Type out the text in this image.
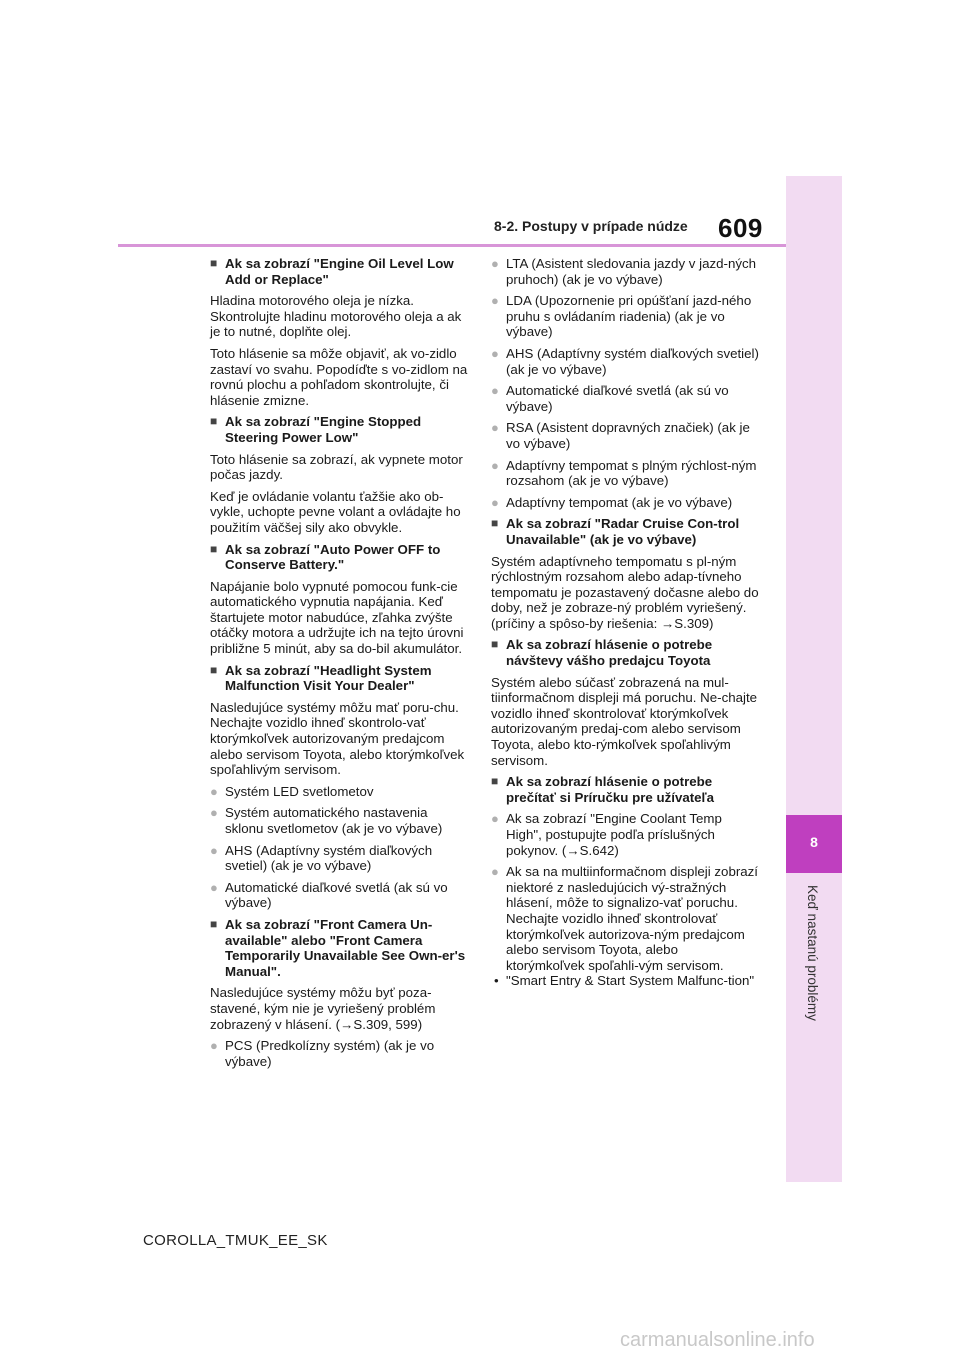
8
Keď nastanú problémy
8-2. Postupy v prípade núdze 609
■ Ak sa zobrazí "Engine Oil Level Low Add or Replace"
Hladina motorového oleja je nízka. Skontrolujte hladinu motorového oleja a ak je to nutné, doplňte olej.
Toto hlásenie sa môže objaviť, ak vo-zidlo zastaví vo svahu. Popodíďte s vo-zidlom na rovnú plochu a pohľadom skontrolujte, či hlásenie zmizne.
■ Ak sa zobrazí "Engine Stopped Steering Power Low"
Toto hlásenie sa zobrazí, ak vypnete motor počas jazdy.
Keď je ovládanie volantu ťažšie ako ob-vykle, uchopte pevne volant a ovládajte ho použitím väčšej sily ako obvykle.
■ Ak sa zobrazí "Auto Power OFF to Conserve Battery."
Napájanie bolo vypnuté pomocou funk-cie automatického vypnutia napájania. Keď štartujete motor nabudúce, zľahka zvýšte otáčky motora a udržujte ich na tejto úrovni približne 5 minút, aby sa do-bil akumulátor.
■ Ak sa zobrazí "Headlight System Malfunction Visit Your Dealer"
Nasledujúce systémy môžu mať poru-chu. Nechajte vozidlo ihneď skontrolo-vať ktorýmkoľvek autorizovaným predajcom alebo servisom Toyota, alebo ktorýmkoľvek spoľahlivým servisom.
● Systém LED svetlometov
● Systém automatického nastavenia sklonu svetlometov (ak je vo výbave)
● AHS (Adaptívny systém diaľkových svetiel) (ak je vo výbave)
● Automatické diaľkové svetlá (ak sú vo výbave)
■ Ak sa zobrazí "Front Camera Un-available" alebo "Front Camera Temporarily Unavailable See Own-er's Manual".
Nasledujúce systémy môžu byť poza-stavené, kým nie je vyriešený problém zobrazený v hlásení. (→S.309, 599)
● PCS (Predkolízny systém) (ak je vo výbave)
● LTA (Asistent sledovania jazdy v jazd-ných pruhoch) (ak je vo výbave)
● LDA (Upozornenie pri opúšťaní jazd-ného pruhu s ovládaním riadenia) (ak je vo výbave)
● AHS (Adaptívny systém diaľkových svetiel) (ak je vo výbave)
● Automatické diaľkové svetlá (ak sú vo výbave)
● RSA (Asistent dopravných značiek) (ak je vo výbave)
● Adaptívny tempomat s plným rýchlost-ným rozsahom (ak je vo výbave)
● Adaptívny tempomat (ak je vo výbave)
■ Ak sa zobrazí "Radar Cruise Con-trol Unavailable" (ak je vo výbave)
Systém adaptívneho tempomatu s pl-ným rýchlostným rozsahom alebo adap-tívneho tempomatu je pozastavený dočasne alebo do doby, než je zobraze-ný problém vyriešený. (príčiny a spôso-by riešenia: →S.309)
■ Ak sa zobrazí hlásenie o potrebe návštevy vášho predajcu Toyota
Systém alebo súčasť zobrazená na mul-tiinformačnom displeji má poruchu. Ne-chajte vozidlo ihneď skontrolovať ktorýmkoľvek autorizovaným predaj-com alebo servisom Toyota, alebo kto-rýmkoľvek spoľahlivým servisom.
■ Ak sa zobrazí hlásenie o potrebe prečítať si Príručku pre užívateľa
● Ak sa zobrazí "Engine Coolant Temp High", postupujte podľa príslušných pokynov. (→S.642)
● Ak sa na multiinformačnom displeji zobrazí niektoré z nasledujúcich vý-stražných hlásení, môže to signalizo-vať poruchu. Nechajte vozidlo ihneď skontrolovať ktorýmkoľvek autorizova-ným predajcom alebo servisom Toyota, alebo ktorýmkoľvek spoľahli-vým servisom.
• "Smart Entry & Start System Malfunc-tion"
COROLLA_TMUK_EE_SK
carmanualsonline.info
